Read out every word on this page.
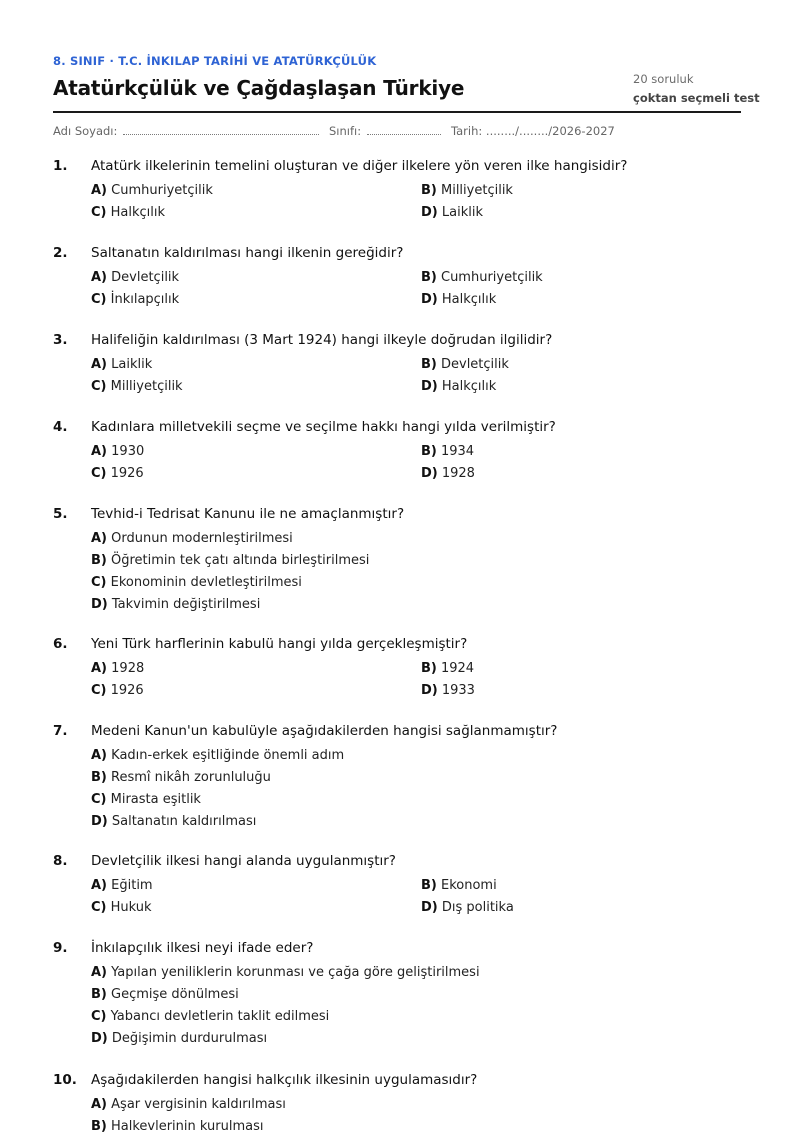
8. SINIF · T.C. İNKILAP TARİHİ VE ATATÜRKÇÜLÜK
Atatürkçülük ve Çağdaşlaşan Türkiye	20 soruluk
çoktan seçmeli test
Adı Soyadı:	Sınıfı:	Tarih: ......../......../2026-2027
1. Atatürk ilkelerinin temelini oluşturan ve diğer ilkelere yön veren ilke hangisidir?
A) Cumhuriyetçilik	B) Milliyetçilik
C) Halkçılık	D) Laiklik
2. Saltanatın kaldırılması hangi ilkenin gereğidir?
A) Devletçilik	B) Cumhuriyetçilik
C) İnkılapçılık	D) Halkçılık
3. Halifeliğin kaldırılması (3 Mart 1924) hangi ilkeyle doğrudan ilgilidir?
A) Laiklik	B) Devletçilik
C) Milliyetçilik	D) Halkçılık
4. Kadınlara milletvekili seçme ve seçilme hakkı hangi yılda verilmiştir?
A) 1930	B) 1934
C) 1926	D) 1928
5. Tevhid-i Tedrisat Kanunu ile ne amaçlanmıştır?
A) Ordunun modernleştirilmesi
B) Öğretimin tek çatı altında birleştirilmesi
C) Ekonominin devletleştirilmesi
D) Takvimin değiştirilmesi
6. Yeni Türk harflerinin kabulü hangi yılda gerçekleşmiştir?
A) 1928	B) 1924
C) 1926	D) 1933
7. Medeni Kanun'un kabulüyle aşağıdakilerden hangisi sağlanmamıştır?
A) Kadın-erkek eşitliğinde önemli adım
B) Resmî nikâh zorunluluğu
C) Mirasta eşitlik
D) Saltanatın kaldırılması
8. Devletçilik ilkesi hangi alanda uygulanmıştır?
A) Eğitim	B) Ekonomi
C) Hukuk	D) Dış politika
9. İnkılapçılık ilkesi neyi ifade eder?
A) Yapılan yeniliklerin korunması ve çağa göre geliştirilmesi
B) Geçmişe dönülmesi
C) Yabancı devletlerin taklit edilmesi
D) Değişimin durdurulması
10. Aşağıdakilerden hangisi halkçılık ilkesinin uygulamasıdır?
A) Aşar vergisinin kaldırılması
B) Halkevlerinin kurulması
